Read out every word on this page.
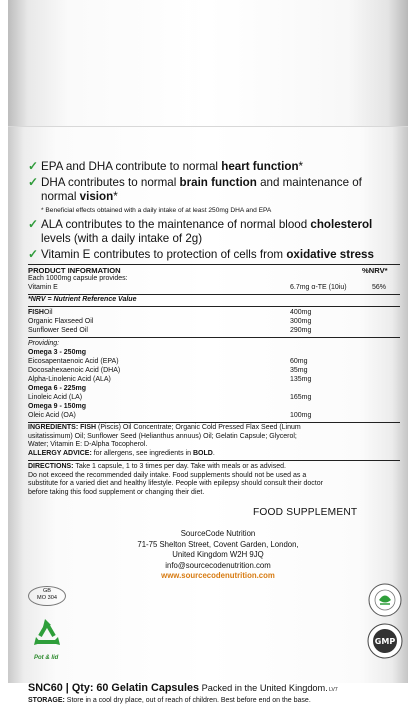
✓ EPA and DHA contribute to normal heart function*
✓ DHA contributes to normal brain function and maintenance of
normal vision*
* Beneficial effects obtained with a daily intake of at least 250mg DHA and EPA
✓ ALA contributes to the maintenance of normal blood cholesterol
levels (with a daily intake of 2g)
✓ Vitamin E contributes to protection of cells from oxidative stress
PRODUCT INFORMATION	%NRV*
Each 1000mg capsule provides:
Vitamin E	6.7mg α-TE (10iu)	56%
*NRV = Nutrient Reference Value
FISH Oil	400mg
Organic Flaxseed Oil	300mg
Sunflower Seed Oil	290mg
Providing:
Omega 3 - 250mg
Eicosapentaenoic Acid (EPA)	60mg
Docosahexaenoic Acid (DHA)	35mg
Alpha-Linolenic Acid (ALA)	135mg
Omega 6 - 225mg
Linoleic Acid (LA)	165mg
Omega 9 - 150mg
Oleic Acid (OA)	100mg
INGREDIENTS: FISH (Piscis) Oil Concentrate; Organic Cold Pressed Flax Seed (Linum
usitatissimum) Oil; Sunflower Seed (Helianthus annuus) Oil; Gelatin Capsule; Glycerol;
Water; Vitamin E: D-Alpha Tocopherol.
ALLERGY ADVICE: for allergens, see ingredients in BOLD.
DIRECTIONS: Take 1 capsule, 1 to 3 times per day. Take with meals or as advised.
Do not exceed the recommended daily intake. Food supplements should not be used as a
substitute for a varied diet and healthy lifestyle. People with epilepsy should consult their doctor
before taking this food supplement or changing their diet.
FOOD SUPPLEMENT
SourceCode Nutrition
71-75 Shelton Street, Covent Garden, London,
United Kingdom W2H 9JQ
info@sourcecodenutrition.com
www.sourcecodenutrition.com
GB
MO 304
Pot & lid
GMP
SNC60 | Qty: 60 Gelatin Capsules Packed in the United Kingdom. LV7
STORAGE: Store in a cool dry place, out of reach of children. Best before end on the base.
